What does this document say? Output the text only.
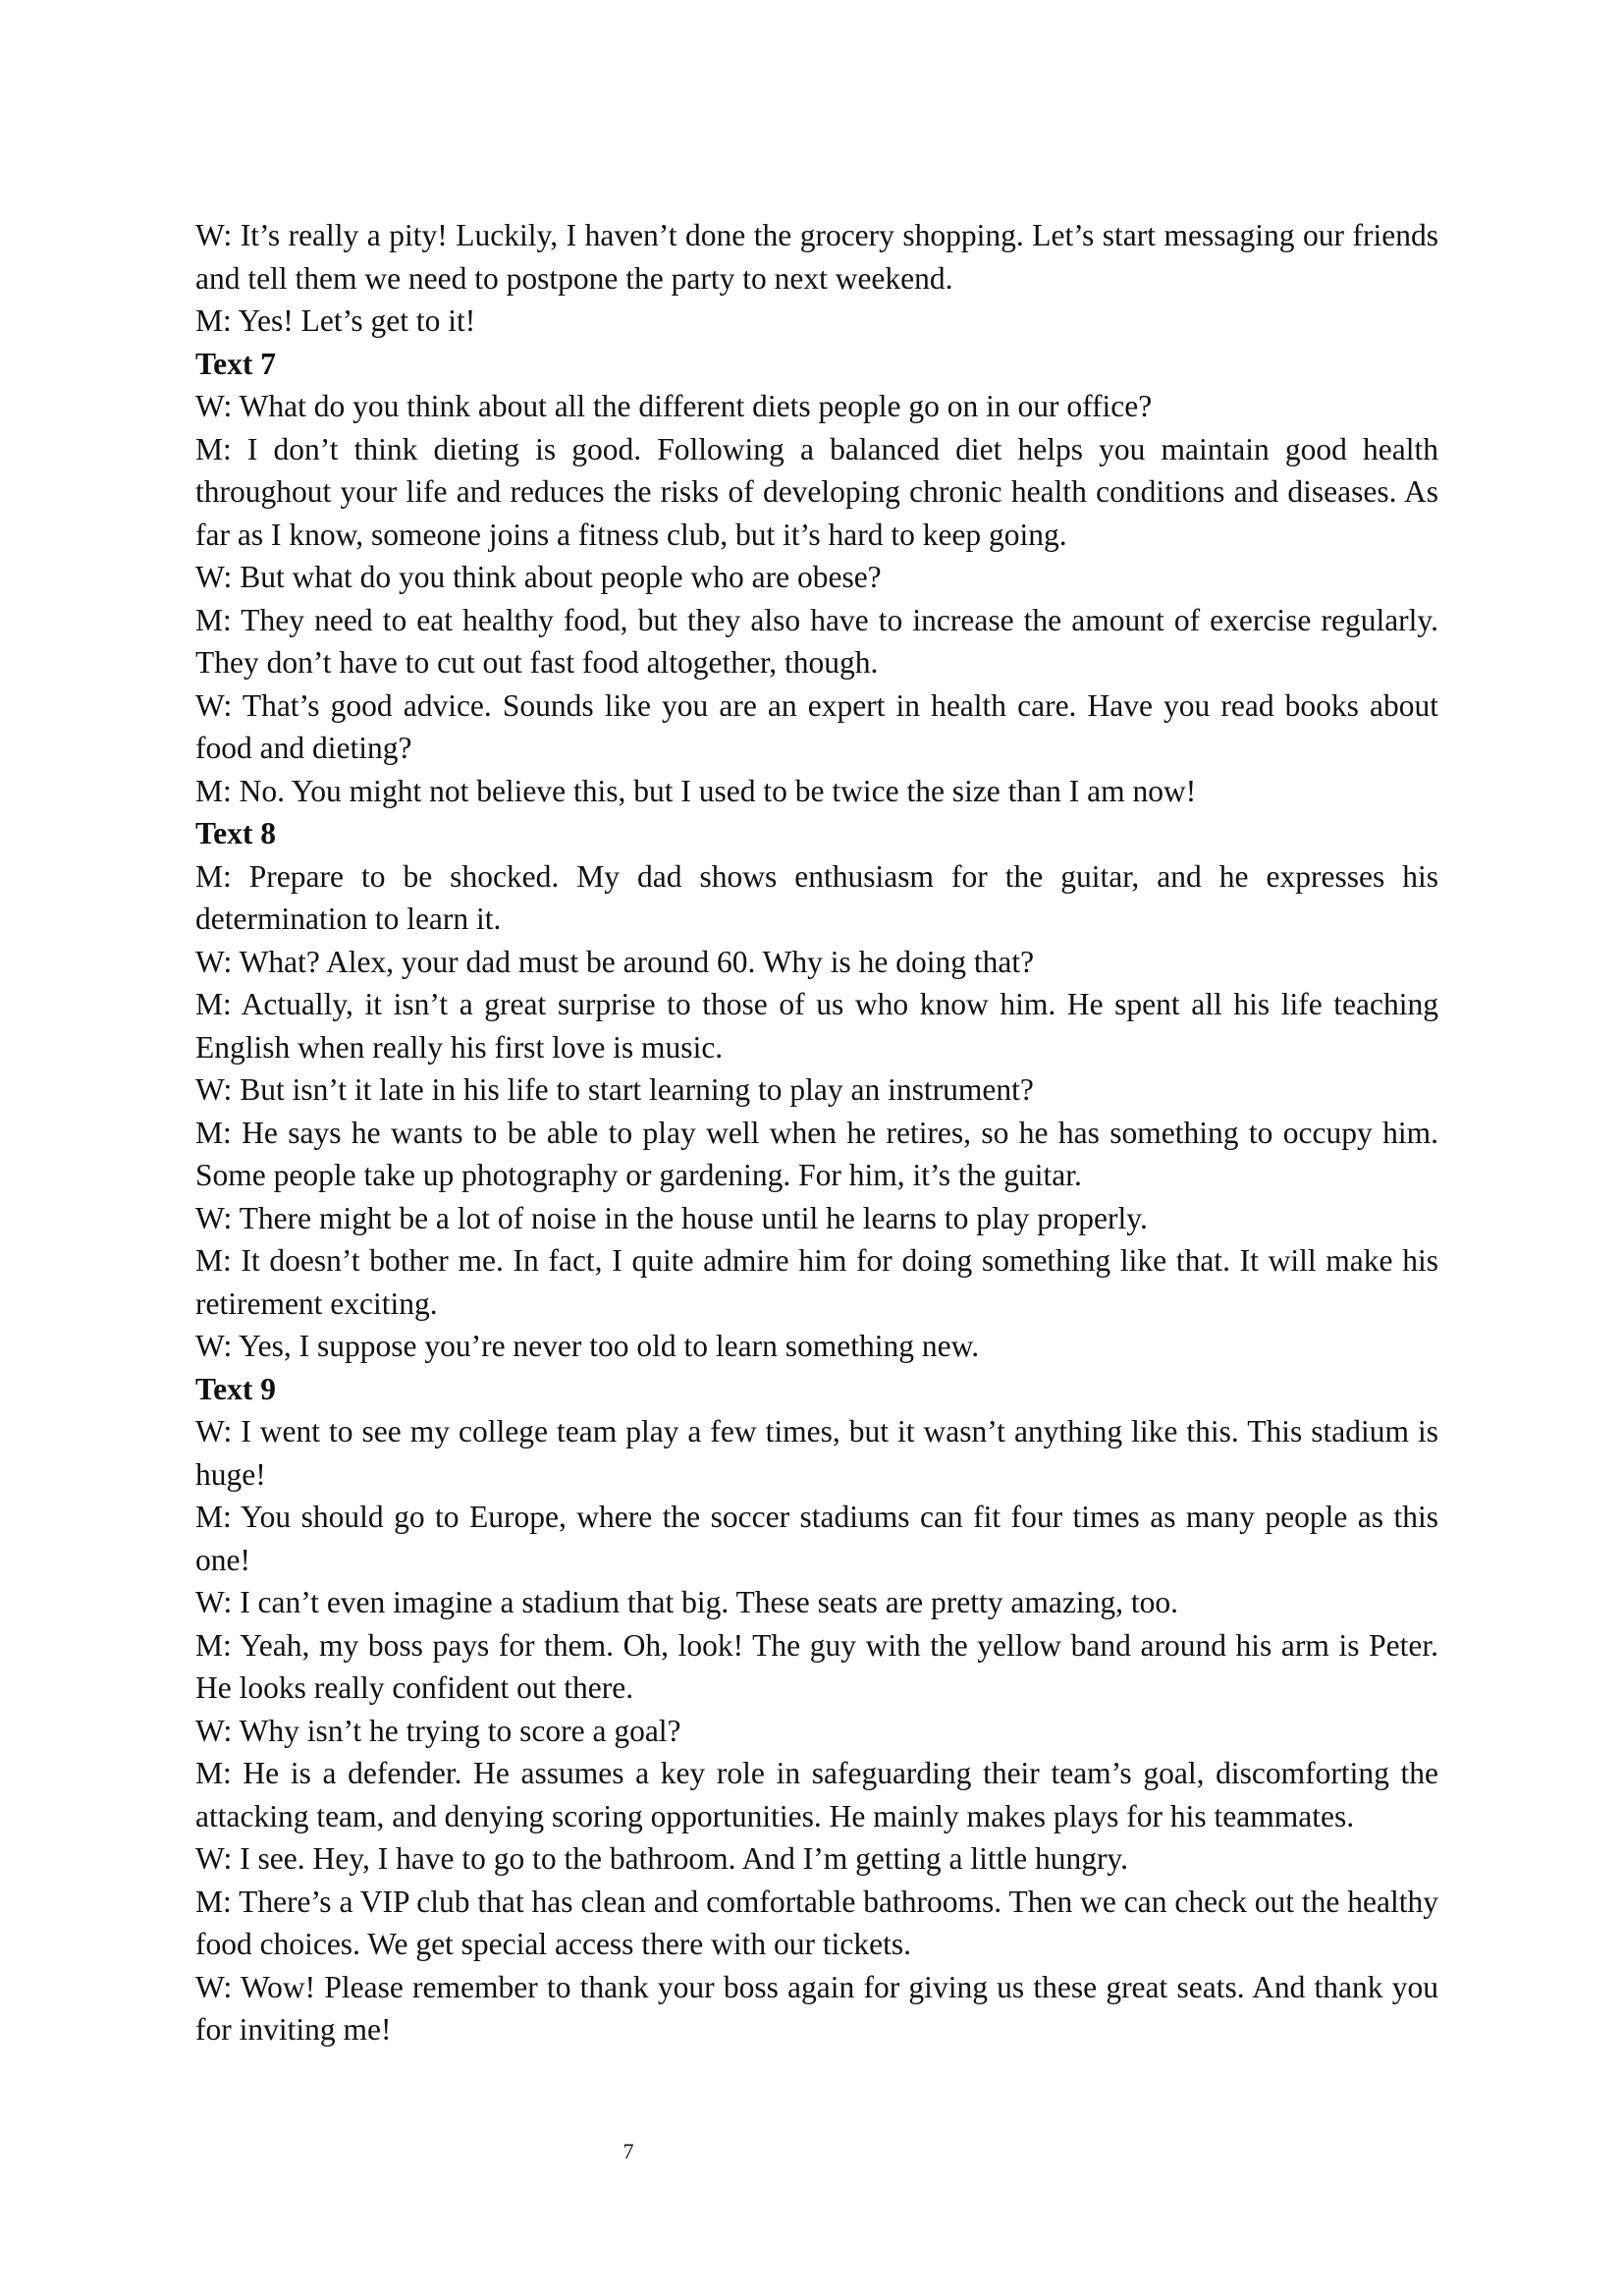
W: It’s really a pity! Luckily, I haven’t done the grocery shopping. Let’s start messaging our friends and tell them we need to postpone the party to next weekend.

M: Yes! Let’s get to it!

Text 7

W: What do you think about all the different diets people go on in our office?

M: I don’t think dieting is good. Following a balanced diet helps you maintain good health throughout your life and reduces the risks of developing chronic health conditions and diseases. As far as I know, someone joins a fitness club, but it’s hard to keep going.

W: But what do you think about people who are obese?

M: They need to eat healthy food, but they also have to increase the amount of exercise regularly. They don’t have to cut out fast food altogether, though.

W: That’s good advice. Sounds like you are an expert in health care. Have you read books about food and dieting?

M: No. You might not believe this, but I used to be twice the size than I am now!

Text 8

M: Prepare to be shocked. My dad shows enthusiasm for the guitar, and he expresses his determination to learn it.

W: What? Alex, your dad must be around 60. Why is he doing that?

M: Actually, it isn’t a great surprise to those of us who know him. He spent all his life teaching English when really his first love is music.

W: But isn’t it late in his life to start learning to play an instrument?

M: He says he wants to be able to play well when he retires, so he has something to occupy him. Some people take up photography or gardening. For him, it’s the guitar.

W: There might be a lot of noise in the house until he learns to play properly.

M: It doesn’t bother me. In fact, I quite admire him for doing something like that. It will make his retirement exciting.

W: Yes, I suppose you’re never too old to learn something new.

Text 9

W: I went to see my college team play a few times, but it wasn’t anything like this. This stadium is huge!

M: You should go to Europe, where the soccer stadiums can fit four times as many people as this one!

W: I can’t even imagine a stadium that big. These seats are pretty amazing, too.

M: Yeah, my boss pays for them. Oh, look! The guy with the yellow band around his arm is Peter. He looks really confident out there.

W: Why isn’t he trying to score a goal?

M: He is a defender. He assumes a key role in safeguarding their team’s goal, discomforting the attacking team, and denying scoring opportunities. He mainly makes plays for his teammates.

W: I see. Hey, I have to go to the bathroom. And I’m getting a little hungry.

M: There’s a VIP club that has clean and comfortable bathrooms. Then we can check out the healthy food choices. We get special access there with our tickets.

W: Wow! Please remember to thank your boss again for giving us these great seats. And thank you for inviting me!

7
